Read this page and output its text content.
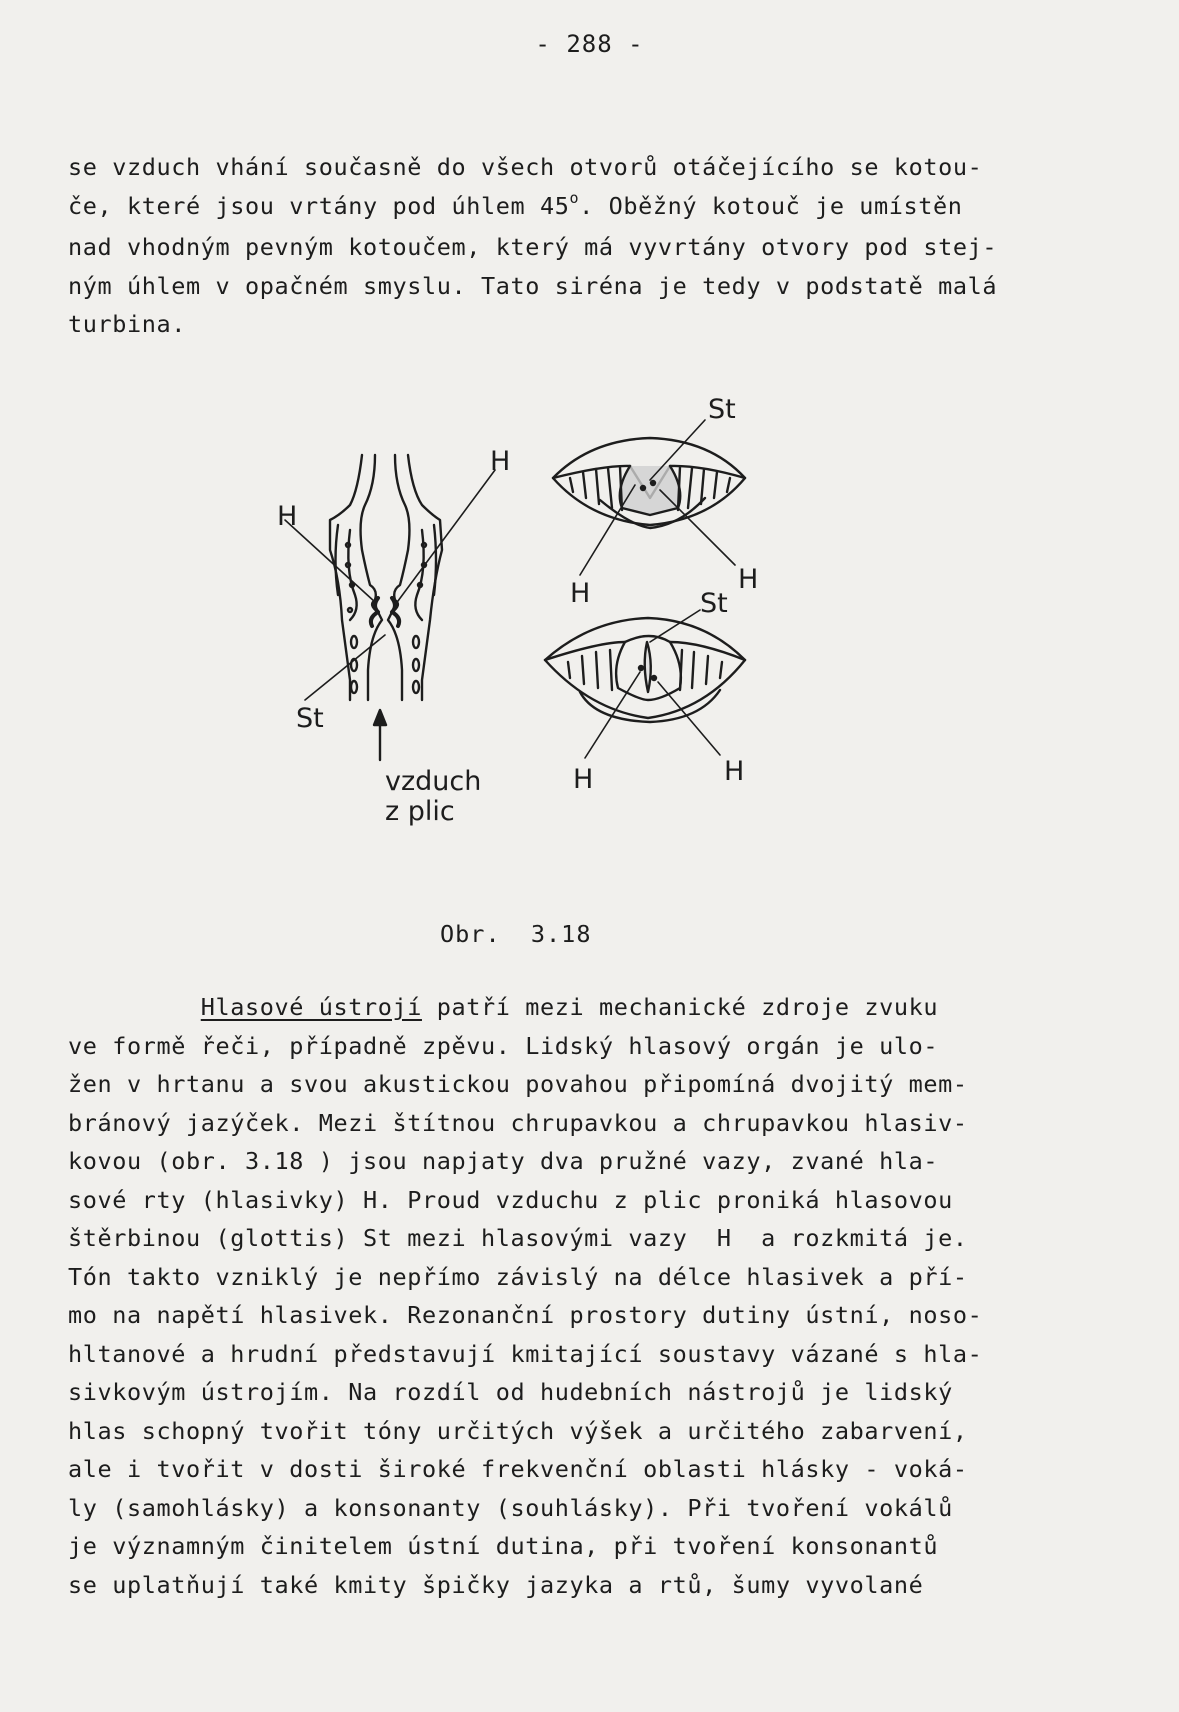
- 288 -
se vzduch vhání současně do všech otvorů otáčejícího se kotou-
če, které jsou vrtány pod úhlem 45$^o$. Oběžný kotouč je umístěn
nad vhodným pevným kotoučem, který má vyvrtány otvory pod stej-
ným úhlem v opačném smyslu. Tato siréna je tedy v podstatě malá
turbina.
H
H
St
vzduch
z plic
St
H	H
St
H	H
Obr.  3.18
Hlasové ústrojí patří mezi mechanické zdroje zvuku
ve formě řeči, případně zpěvu. Lidský hlasový orgán je ulo-
žen v hrtanu a svou akustickou povahou připomíná dvojitý mem-
bránový jazýček. Mezi štítnou chrupavkou a chrupavkou hlasiv-
kovou (obr. 3.18 ) jsou napjaty dva pružné vazy, zvané hla-
sové rty (hlasivky) H. Proud vzduchu z plic proniká hlasovou
štěrbinou (glottis) St mezi hlasovými vazy  H  a rozkmitá je.
Tón takto vzniklý je nepřímo závislý na délce hlasivek a pří-
mo na napětí hlasivek. Rezonanční prostory dutiny ústní, noso-
hltanové a hrudní představují kmitající soustavy vázané s hla-
sivkovým ústrojím. Na rozdíl od hudebních nástrojů je lidský
hlas schopný tvořit tóny určitých výšek a určitého zabarvení,
ale i tvořit v dosti široké frekvenční oblasti hlásky - voká-
ly (samohlásky) a konsonanty (souhlásky). Při tvoření vokálů
je významným činitelem ústní dutina, při tvoření konsonantů
se uplatňují také kmity špičky jazyka a rtů, šumy vyvolané
